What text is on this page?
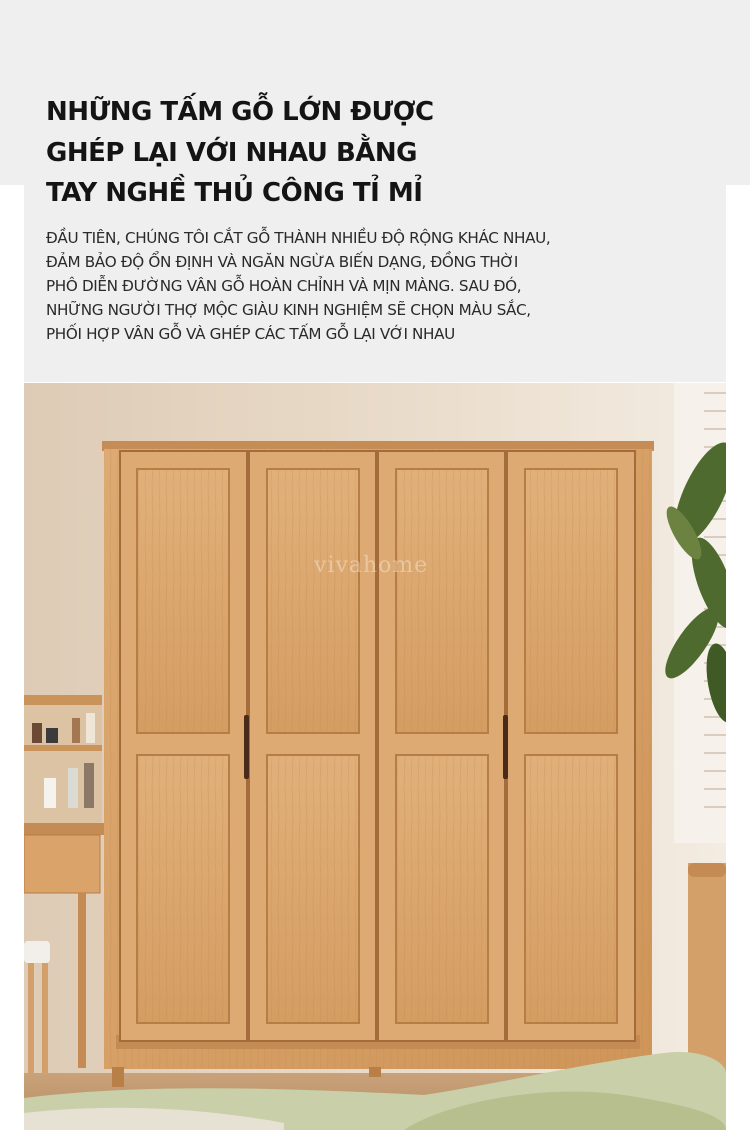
NHỮNG TẤM GỖ LỚN ĐƯỢC
GHÉP LẠI VỚI NHAU BẰNG
TAY NGHỀ THỦ CÔNG TỈ MỈ

ĐẦU TIÊN, CHÚNG TÔI CẮT GỖ THÀNH NHIỀU ĐỘ RỘNG KHÁC NHAU,
ĐẢM BẢO ĐỘ ỔN ĐỊNH VÀ NGĂN NGỪA BIẾN DẠNG, ĐỒNG THỜI
PHÔ DIỄN ĐƯỜNG VÂN GỖ HOÀN CHỈNH VÀ MỊN MÀNG. SAU ĐÓ,
NHỮNG NGƯỜI THỢ MỘC GIÀU KINH NGHIỆM SẼ CHỌN MÀU SẮC,
PHỐI HỢP VÂN GỖ VÀ GHÉP CÁC TẤM GỖ LẠI VỚI NHAU

vivahome
